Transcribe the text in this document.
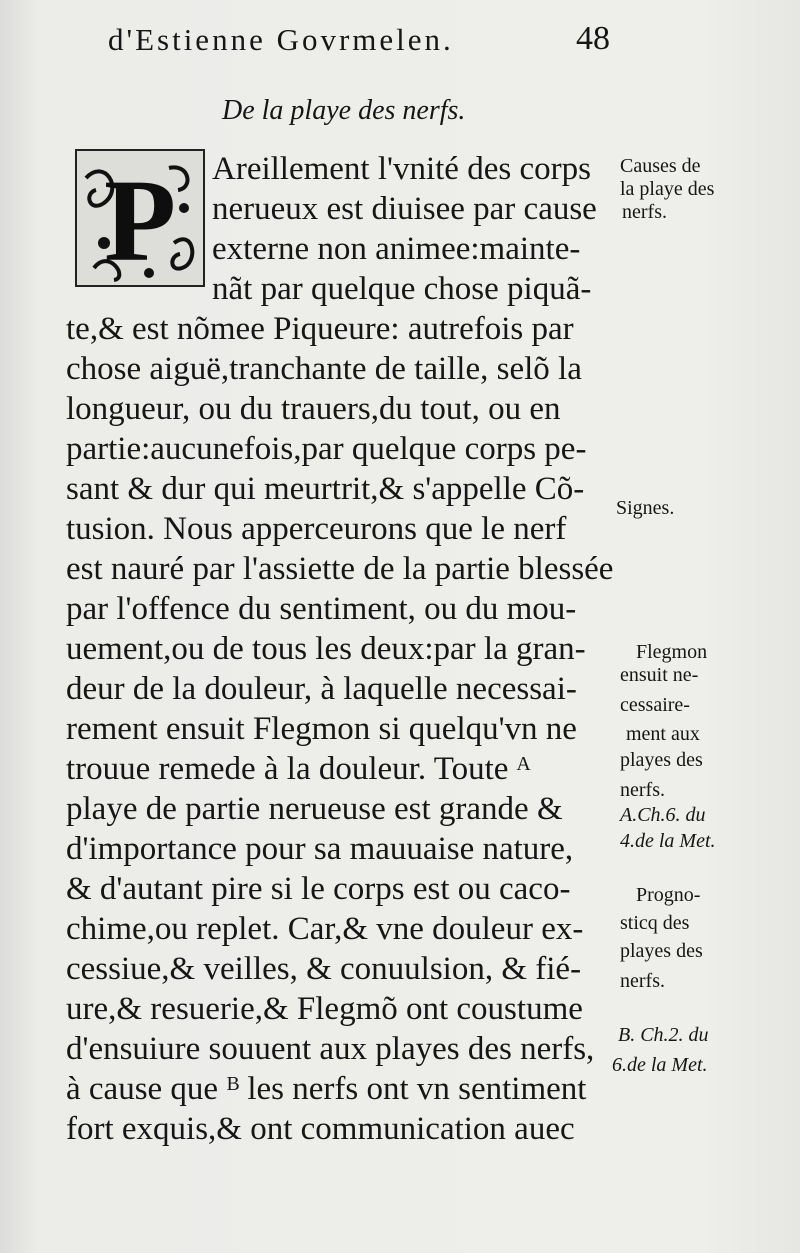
d'Estienne Govrmelen.	48
De la playe des nerfs.
P Areillement l'vnité des corps
nerueux est diuisee par cause
externe non animee:mainte-
nãt par quelque chose piquã-
te,& est nõmee Piqueure: autrefois par
chose aiguë,tranchante de taille, selõ la
longueur, ou du trauers,du tout, ou en
partie:aucunefois,par quelque corps pe-
sant & dur qui meurtrit,& s'appelle Cõ-
tusion. Nous apperceurons que le nerf
est nauré par l'assiette de la partie blessée
par l'offence du sentiment, ou du mou-
uement,ou de tous les deux:par la gran-
deur de la douleur, à laquelle necessai-
rement ensuit Flegmon si quelqu'vn ne
trouue remede à la douleur. Toute ᴬ
playe de partie nerueuse est grande &
d'importance pour sa mauuaise nature,
& d'autant pire si le corps est ou caco-
chime,ou replet. Car,& vne douleur ex-
cessiue,& veilles, & conuulsion, & fié-
ure,& resuerie,& Flegmõ ont coustume
d'ensuiure souuent aux playes des nerfs,
à cause que ᴮ les nerfs ont vn sentiment
fort exquis,& ont communication auec
Causes de
la playe des
nerfs.
Signes.
Flegmon
ensuit ne-
cessaire-
ment aux
playes des
nerfs.
A.Ch.6. du
4.de la Met.
Progno-
sticq des
playes des
nerfs.
B. Ch.2. du
6.de la Met.
